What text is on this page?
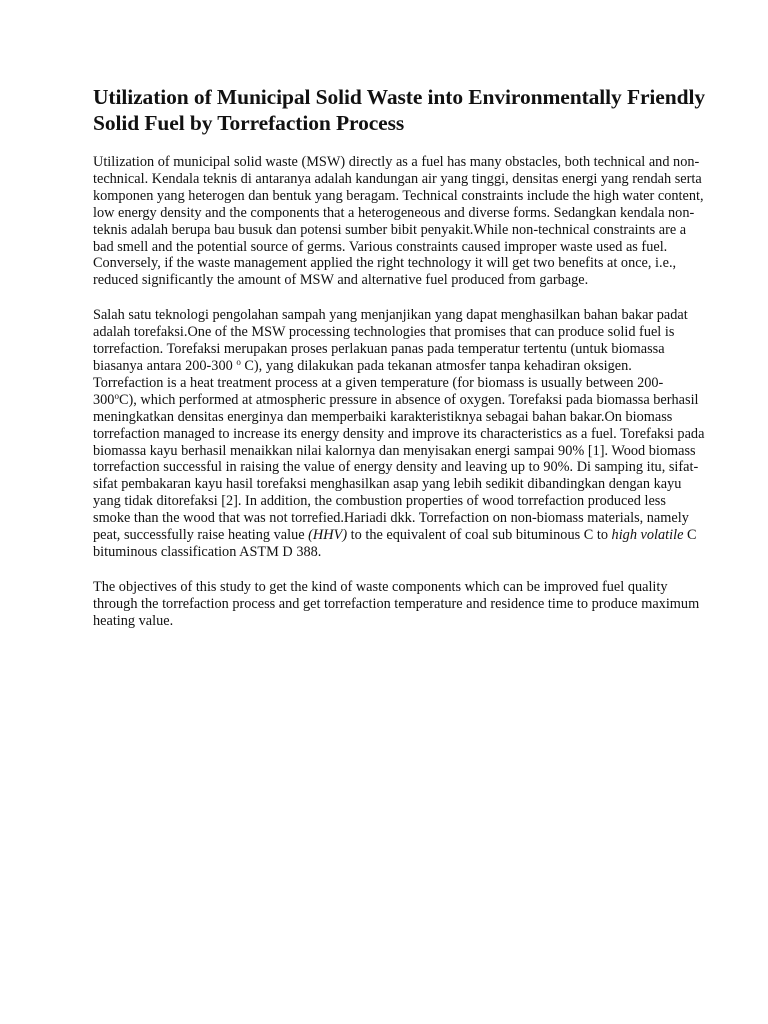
Utilization of Municipal Solid Waste into Environmentally Friendly Solid Fuel by Torrefaction Process

Utilization of municipal solid waste (MSW) directly as a fuel has many obstacles, both technical and non-technical. Kendala teknis di antaranya adalah kandungan air yang tinggi, densitas energi yang rendah serta komponen yang heterogen dan bentuk yang beragam. Technical constraints include the high water content, low energy density and the components that a heterogeneous and diverse forms. Sedangkan kendala non-teknis adalah berupa bau busuk dan potensi sumber bibit penyakit.While non-technical constraints are a bad smell and the potential source of germs. Various constraints caused improper waste used as fuel. Conversely, if the waste management applied the right technology it will get two benefits at once, i.e., reduced significantly the amount of MSW and alternative fuel produced from garbage.

Salah satu teknologi pengolahan sampah yang menjanjikan yang dapat menghasilkan bahan bakar padat adalah torefaksi.One of the MSW processing technologies that promises that can produce solid fuel is torrefaction. Torefaksi merupakan proses perlakuan panas pada temperatur tertentu (untuk biomassa biasanya antara 200-300 $^o$ C), yang dilakukan pada tekanan atmosfer tanpa kehadiran oksigen. Torrefaction is a heat treatment process at a given temperature (for biomass is usually between 200-300$^o$C), which performed at atmospheric pressure in absence of oxygen. Torefaksi pada biomassa berhasil meningkatkan densitas energinya dan memperbaiki karakteristiknya sebagai bahan bakar.On biomass torrefaction managed to increase its energy density and improve its characteristics as a fuel. Torefaksi pada biomassa kayu berhasil menaikkan nilai kalornya dan menyisakan energi sampai 90% [1]. Wood biomass torrefaction successful in raising the value of energy density and leaving up to 90%. Di samping itu, sifat-sifat pembakaran kayu hasil torefaksi menghasilkan asap yang lebih sedikit dibandingkan dengan kayu yang tidak ditorefaksi [2]. In addition, the combustion properties of wood torrefaction produced less smoke than the wood that was not torrefied.Hariadi dkk. Torrefaction on non-biomass materials, namely peat, successfully raise heating value (HHV) to the equivalent of coal sub bituminous C to high volatile C bituminous classification ASTM D 388.

The objectives of this study to get the kind of waste components which can be improved fuel quality through the torrefaction process and get torrefaction temperature and residence time to produce maximum heating value.
